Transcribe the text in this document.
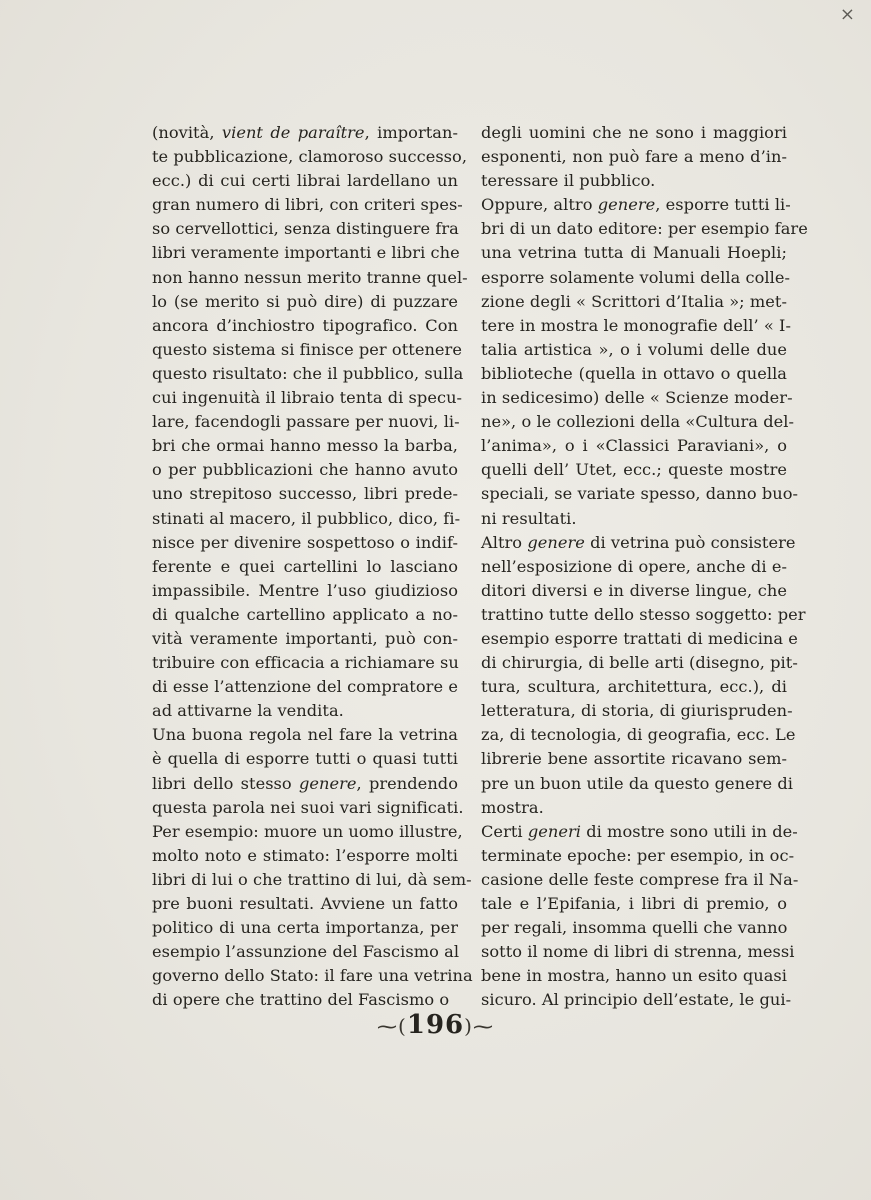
×
(novità, vient de paraître, importan-
te pubblicazione, clamoroso successo,
ecc.) di cui certi librai lardellano un
gran numero di libri, con criteri spes-
so cervellottici, senza distinguere fra
libri veramente importanti e libri che
non hanno nessun merito tranne quel-
lo (se merito si può dire) di puzzare
ancora d’inchiostro tipografico. Con
questo sistema si finisce per ottenere
questo risultato: che il pubblico, sulla
cui ingenuità il libraio tenta di specu-
lare, facendogli passare per nuovi, li-
bri che ormai hanno messo la barba,
o per pubblicazioni che hanno avuto
uno strepitoso successo, libri prede-
stinati al macero, il pubblico, dico, fi-
nisce per divenire sospettoso o indif-
ferente e quei cartellini lo lasciano
impassibile. Mentre l’uso giudizioso
di qualche cartellino applicato a no-
vità veramente importanti, può con-
tribuire con efficacia a richiamare su
di esse l’attenzione del compratore e
ad attivarne la vendita.
Una buona regola nel fare la vetrina
è quella di esporre tutti o quasi tutti
libri dello stesso genere, prendendo
questa parola nei suoi vari significati.
Per esempio: muore un uomo illustre,
molto noto e stimato: l’esporre molti
libri di lui o che trattino di lui, dà sem-
pre buoni resultati. Avviene un fatto
politico di una certa importanza, per
esempio l’assunzione del Fascismo al
governo dello Stato: il fare una vetrina
di opere che trattino del Fascismo o
degli uomini che ne sono i maggiori
esponenti, non può fare a meno d’in-
teressare il pubblico.
Oppure, altro genere, esporre tutti li-
bri di un dato editore: per esempio fare
una vetrina tutta di Manuali Hoepli;
esporre solamente volumi della colle-
zione degli « Scrittori d’Italia »; met-
tere in mostra le monografie dell’ « I-
talia artistica », o i volumi delle due
biblioteche (quella in ottavo o quella
in sedicesimo) delle « Scienze moder-
ne», o le collezioni della «Cultura del-
l’anima», o i «Classici Paraviani», o
quelli dell’ Utet, ecc.; queste mostre
speciali, se variate spesso, danno buo-
ni resultati.
Altro genere di vetrina può consistere
nell’esposizione di opere, anche di e-
ditori diversi e in diverse lingue, che
trattino tutte dello stesso soggetto: per
esempio esporre trattati di medicina e
di chirurgia, di belle arti (disegno, pit-
tura, scultura, architettura, ecc.), di
letteratura, di storia, di giurispruden-
za, di tecnologia, di geografia, ecc. Le
librerie bene assortite ricavano sem-
pre un buon utile da questo genere di
mostra.
Certi generi di mostre sono utili in de-
terminate epoche: per esempio, in oc-
casione delle feste comprese fra il Na-
tale e l’Epifania, i libri di premio, o
per regali, insomma quelli che vanno
sotto il nome di libri di strenna, messi
bene in mostra, hanno un esito quasi
sicuro. Al principio dell’estate, le gui-
⁓(196)⁓
